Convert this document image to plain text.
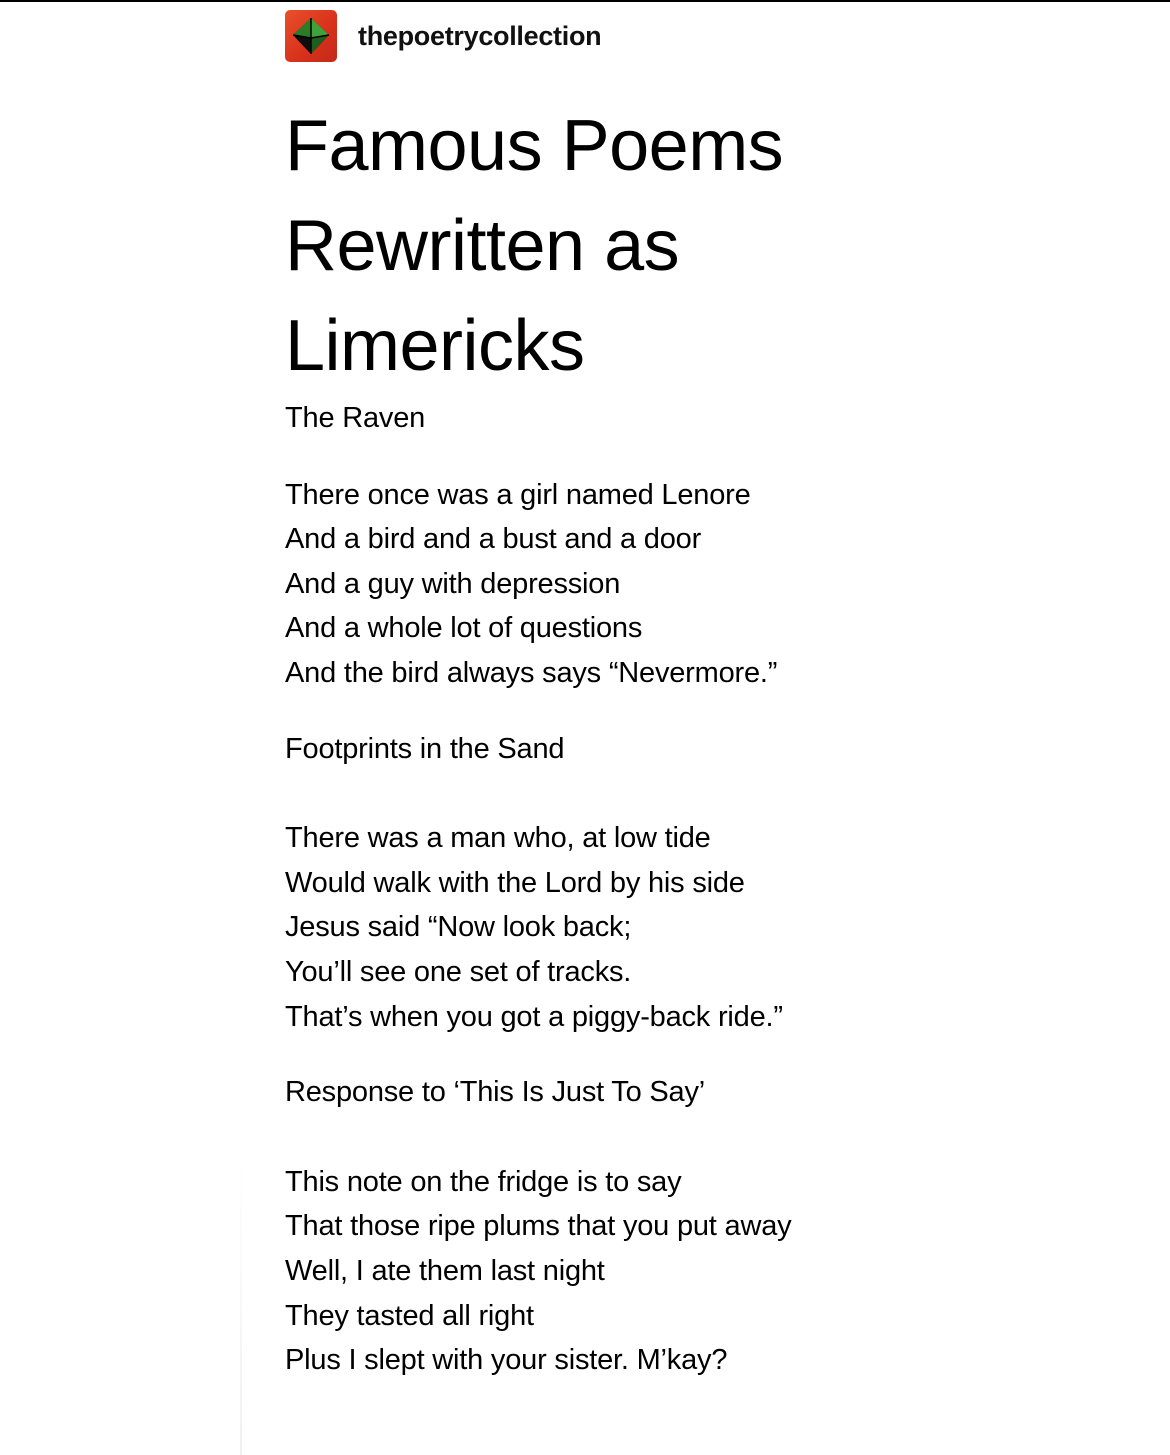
thepoetrycollection
Famous Poems Rewritten as Limericks

The Raven

There once was a girl named Lenore
And a bird and a bust and a door
And a guy with depression
And a whole lot of questions
And the bird always says “Nevermore.”

Footprints in the Sand

There was a man who, at low tide
Would walk with the Lord by his side
Jesus said “Now look back;
You’ll see one set of tracks.
That’s when you got a piggy-back ride.”

Response to ‘This Is Just To Say’

This note on the fridge is to say
That those ripe plums that you put away
Well, I ate them last night
They tasted all right
Plus I slept with your sister. M’kay?
